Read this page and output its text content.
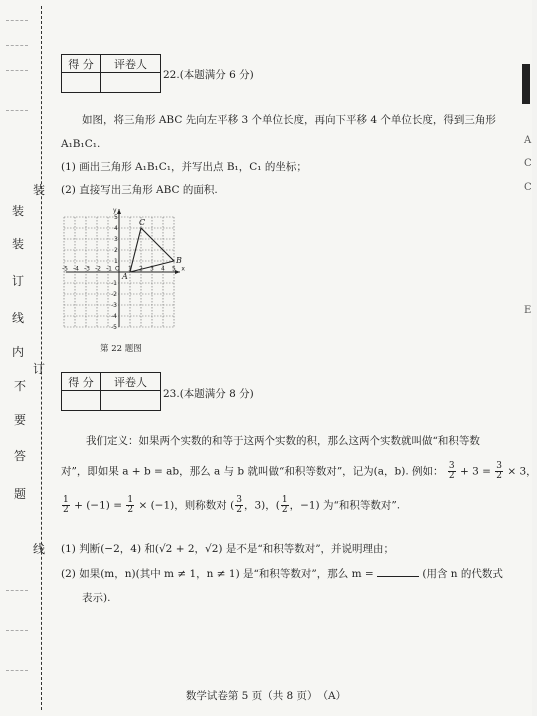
装
装
订
线
内
不
要
答
题
装
订
线
得 分	评卷人

22.(本题满分 6 分)
如图，将三角形 ABC 先向左平移 3 个单位长度，再向下平移 4 个单位长度，得到三角形
A₁B₁C₁.
(1) 画出三角形 A₁B₁C₁，并写出点 B₁，C₁ 的坐标；
(2) 直接写出三角形 ABC 的面积.
-5 -4 -3 -2 -1 O 1 2 3 4 5 x
5
4
3
2
1
-1
-2
-3
-4
-5
y
A
B
C
第 22 题图
得 分	评卷人

23.(本题满分 8 分)
我们定义：如果两个实数的和等于这两个实数的积，那么这两个实数就叫做“和积等数
对”，即如果 a + b = ab，那么 a 与 b 就叫做“和积等数对”，记为(a，b). 例如： $\frac{3}{2} + 3 = \frac{3}{2} \times 3$，
$\frac{1}{2} + (-1) = \frac{1}{2} \times (-1)$，则称数对 ( $\frac{3}{2}$ ，3)，( $\frac{1}{2}$ ，−1) 为“和积等数对”.
(1) 判断(−2，4) 和(√2 + 2，√2) 是不是“和积等数对”，并说明理由；
(2) 如果(m，n)(其中 m ≠ 1，n ≠ 1) 是“和积等数对”，那么 m =	(用含 n 的代数式
表示).
数学试卷第 5 页（共 8 页）　（A）
A
C
C
E
